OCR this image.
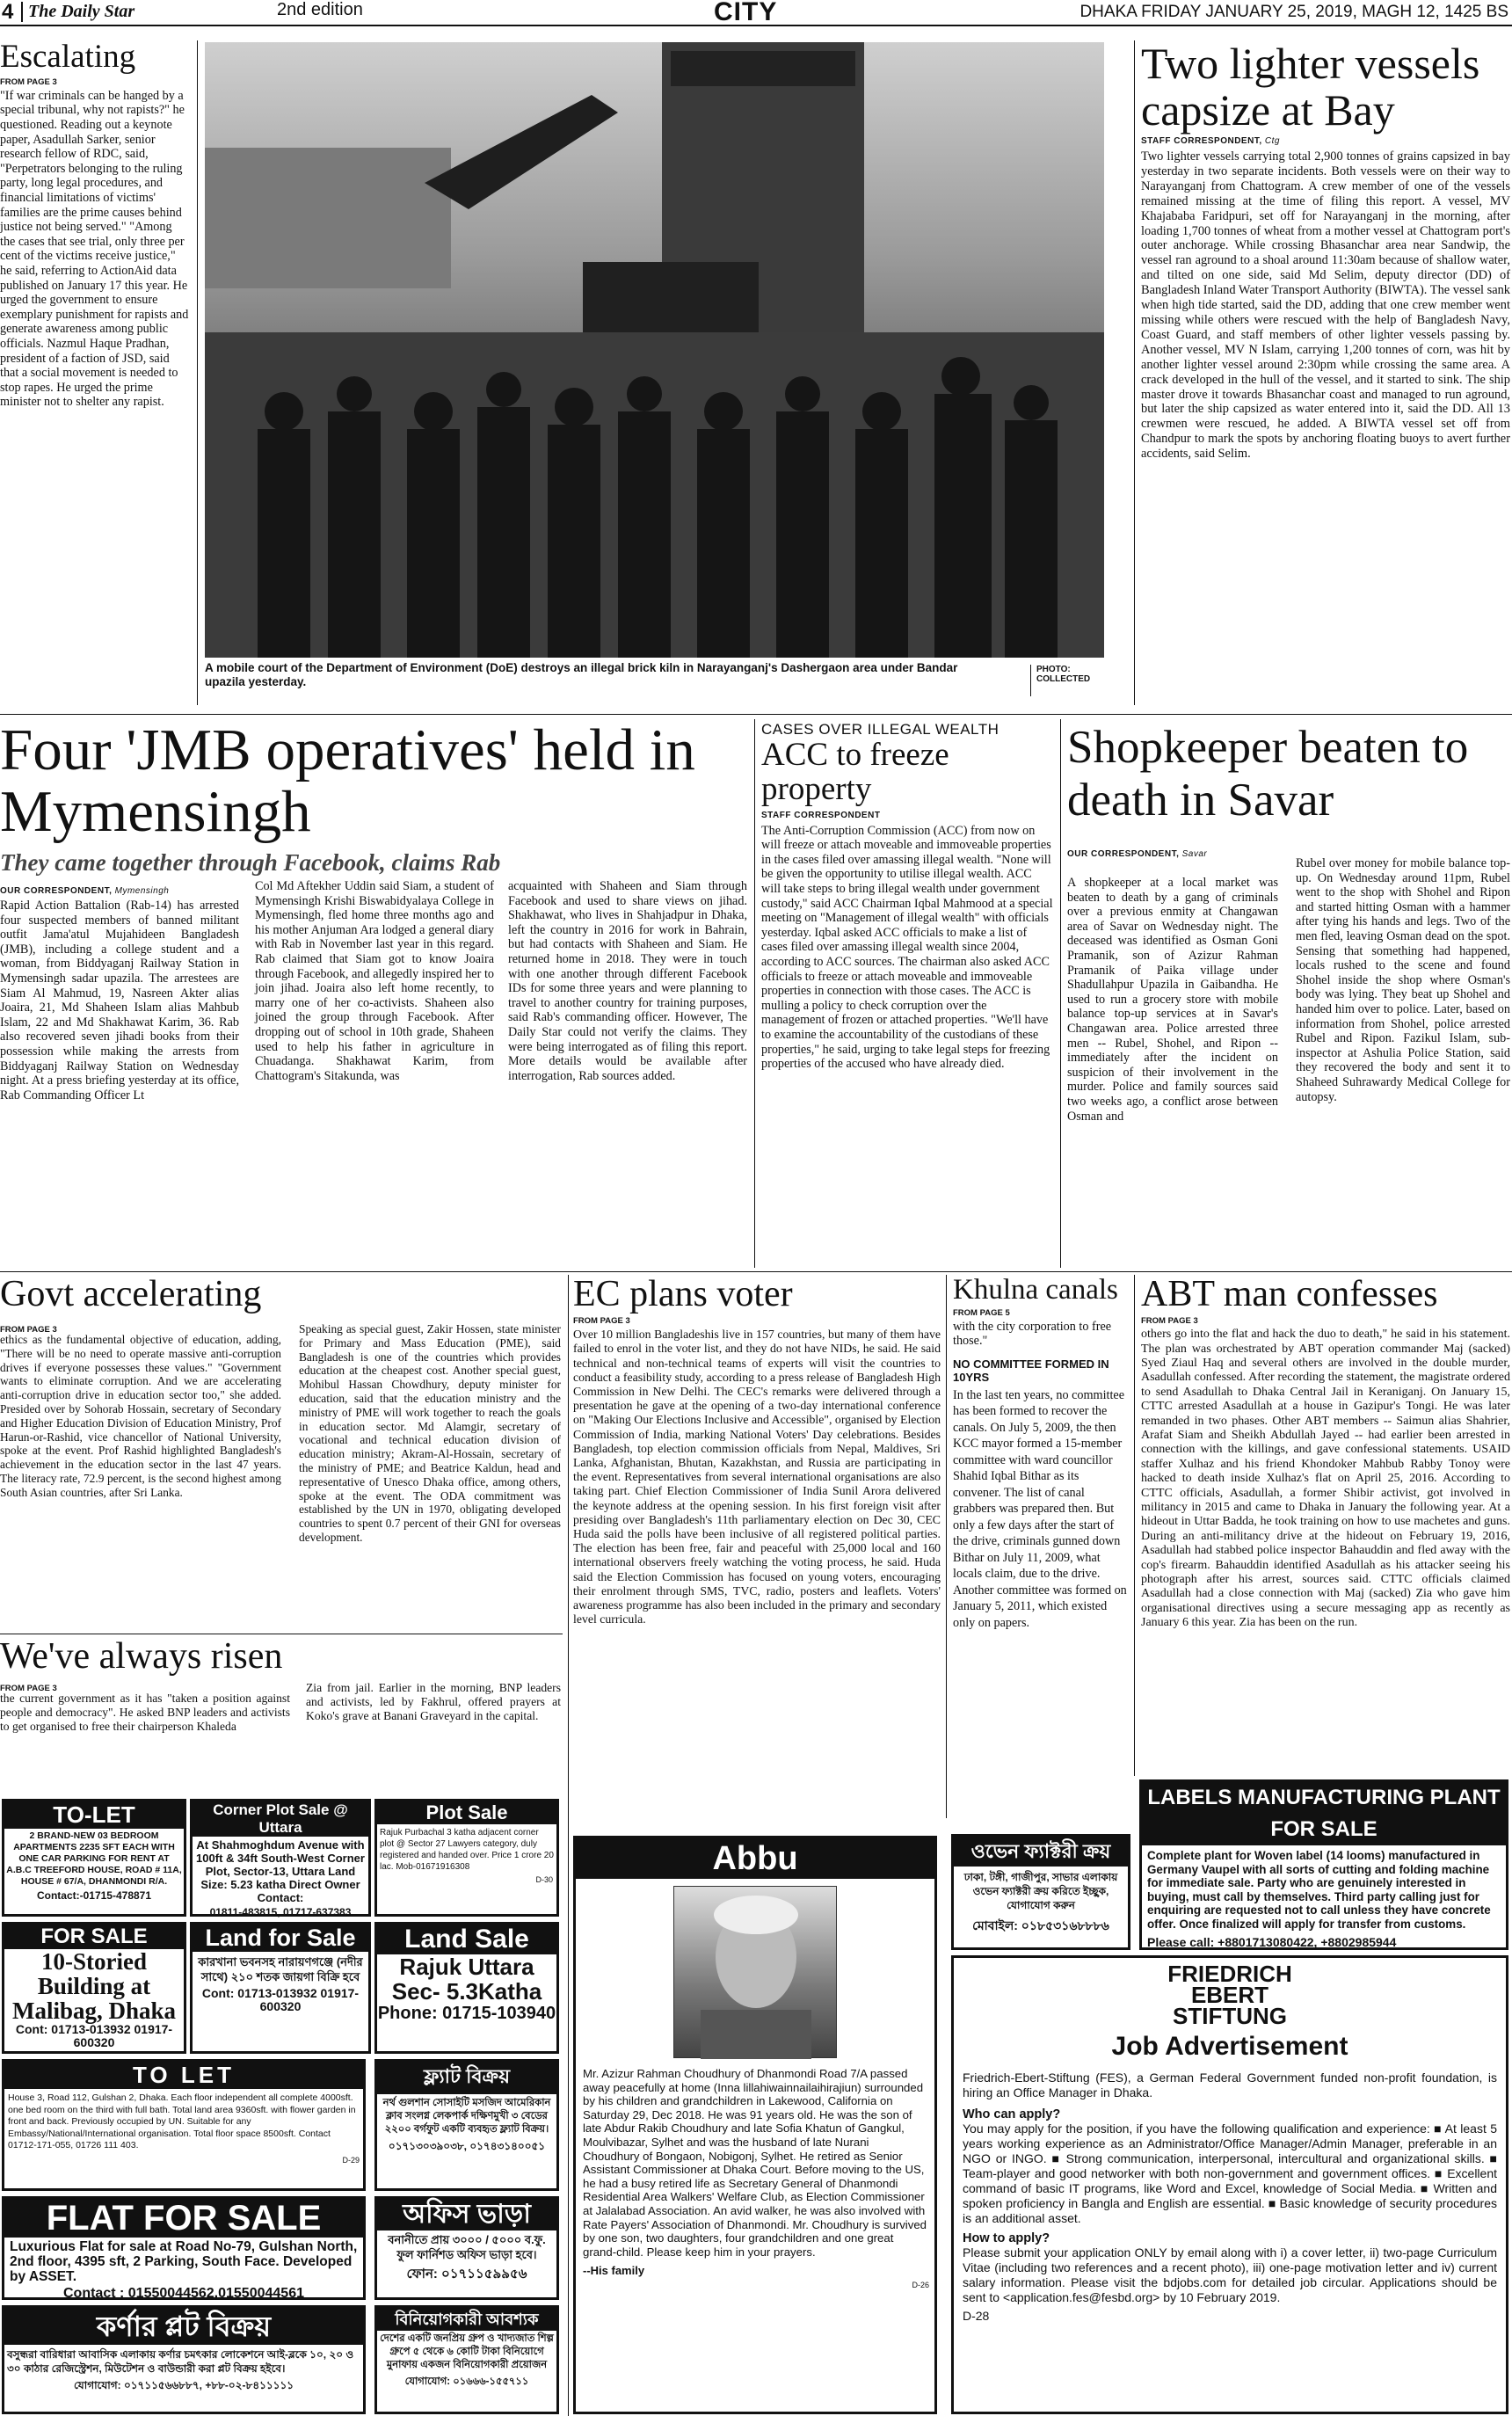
4 The Daily Star	2nd edition	CITY	DHAKA FRIDAY JANUARY 25, 2019, MAGH 12, 1425 BS
Escalating
FROM PAGE 3
"If war criminals can be hanged by a special tribunal, why not rapists?" he questioned. Reading out a keynote paper, Asadullah Sarker, senior research fellow of RDC, said, "Perpetrators belonging to the ruling party, long legal procedures, and financial limitations of victims' families are the prime causes behind justice not being served." "Among the cases that see trial, only three per cent of the victims receive justice," he said, referring to ActionAid data published on January 17 this year. He urged the government to ensure exemplary punishment for rapists and generate awareness among public officials. Nazmul Haque Pradhan, president of a faction of JSD, said that a social movement is needed to stop rapes. He urged the prime minister not to shelter any rapist.
A mobile court of the Department of Environment (DoE) destroys an illegal brick kiln in Narayanganj's Dashergaon area under Bandar upazila yesterday.
PHOTO: COLLECTED
Two lighter vessels capsize at Bay
STAFF CORRESPONDENT, Ctg
Two lighter vessels carrying total 2,900 tonnes of grains capsized in bay yesterday in two separate incidents. Both vessels were on their way to Narayanganj from Chattogram. A crew member of one of the vessels remained missing at the time of filing this report. A vessel, MV Khajababa Faridpuri, set off for Narayanganj in the morning, after loading 1,700 tonnes of wheat from a mother vessel at Chattogram port's outer anchorage. While crossing Bhasanchar area near Sandwip, the vessel ran aground to a shoal around 11:30am because of shallow water, and tilted on one side, said Md Selim, deputy director (DD) of Bangladesh Inland Water Transport Authority (BIWTA). The vessel sank when high tide started, said the DD, adding that one crew member went missing while others were rescued with the help of Bangladesh Navy, Coast Guard, and staff members of other lighter vessels passing by. Another vessel, MV N Islam, carrying 1,200 tonnes of corn, was hit by another lighter vessel around 2:30pm while crossing the same area. A crack developed in the hull of the vessel, and it started to sink. The ship master drove it towards Bhasanchar coast and managed to run aground, but later the ship capsized as water entered into it, said the DD. All 13 crewmen were rescued, he added. A BIWTA vessel set off from Chandpur to mark the spots by anchoring floating buoys to avert further accidents, said Selim.
Four 'JMB operatives' held in Mymensingh
They came together through Facebook, claims Rab
OUR CORRESPONDENT, Mymensingh
Rapid Action Battalion (Rab-14) has arrested four suspected members of banned militant outfit Jama'atul Mujahideen Bangladesh (JMB), including a college student and a woman, from Biddyaganj Railway Station in Mymensingh sadar upazila. The arrestees are Siam Al Mahmud, 19, Nasreen Akter alias Joaira, 21, Md Shaheen Islam alias Mahbub Islam, 22 and Md Shakhawat Karim, 36. Rab also recovered seven jihadi books from their possession while making the arrests from Biddyaganj Railway Station on Wednesday night. At a press briefing yesterday at its office, Rab Commanding Officer Lt
Col Md Aftekher Uddin said Siam, a student of Mymensingh Krishi Biswabidyalaya College in Mymensingh, fled home three months ago and his mother Anjuman Ara lodged a general diary with Rab in November last year in this regard. Rab claimed that Siam got to know Joaira through Facebook, and allegedly inspired her to join jihad. Joaira also left home recently, to marry one of her co-activists. Shaheen also joined the group through Facebook. After dropping out of school in 10th grade, Shaheen used to help his father in agriculture in Chuadanga. Shakhawat Karim, from Chattogram's Sitakunda, was
acquainted with Shaheen and Siam through Facebook and used to share views on jihad. Shakhawat, who lives in Shahjadpur in Dhaka, left the country in 2016 for work in Bahrain, but had contacts with Shaheen and Siam. He returned home in 2018. They were in touch with one another through different Facebook IDs for some three years and were planning to travel to another country for training purposes, said Rab's commanding officer. However, The Daily Star could not verify the claims. They were being interrogated as of filing this report. More details would be available after interrogation, Rab sources added.
CASES OVER ILLEGAL WEALTH
ACC to freeze property
STAFF CORRESPONDENT
The Anti-Corruption Commission (ACC) from now on will freeze or attach moveable and immoveable properties in the cases filed over amassing illegal wealth. "None will be given the opportunity to utilise illegal wealth. ACC will take steps to bring illegal wealth under government custody," said ACC Chairman Iqbal Mahmood at a special meeting on "Management of illegal wealth" with officials yesterday. Iqbal asked ACC officials to make a list of cases filed over amassing illegal wealth since 2004, according to ACC sources. The chairman also asked ACC officials to freeze or attach moveable and immoveable properties in connection with those cases. The ACC is mulling a policy to check corruption over the management of frozen or attached properties. "We'll have to examine the accountability of the custodians of these properties," he said, urging to take legal steps for freezing properties of the accused who have already died.
Shopkeeper beaten to death in Savar
OUR CORRESPONDENT, Savar
A shopkeeper at a local market was beaten to death by a gang of criminals over a previous enmity at Changawan area of Savar on Wednesday night. The deceased was identified as Osman Goni Pramanik, son of Azizur Rahman Pramanik of Paika village under Shadullahpur Upazila in Gaibandha. He used to run a grocery store with mobile balance top-up services at in Savar's Changawan area. Police arrested three men -- Rubel, Shohel, and Ripon -- immediately after the incident on suspicion of their involvement in the murder. Police and family sources said two weeks ago, a conflict arose between Osman and
Rubel over money for mobile balance top-up. On Wednesday around 11pm, Rubel went to the shop with Shohel and Ripon and started hitting Osman with a hammer after tying his hands and legs. Two of the men fled, leaving Osman dead on the spot. Sensing that something had happened, locals rushed to the scene and found Shohel inside the shop where Osman's body was lying. They beat up Shohel and handed him over to police. Later, based on information from Shohel, police arrested Rubel and Ripon. Fazikul Islam, sub-inspector at Ashulia Police Station, said they recovered the body and sent it to Shaheed Suhrawardy Medical College for autopsy.
Govt accelerating
FROM PAGE 3
ethics as the fundamental objective of education, adding, "There will be no need to operate massive anti-corruption drives if everyone possesses these values." "Government wants to eliminate corruption. And we are accelerating anti-corruption drive in education sector too," she added. Presided over by Sohorab Hossain, secretary of Secondary and Higher Education Division of Education Ministry, Prof Harun-or-Rashid, vice chancellor of National University, spoke at the event. Prof Rashid highlighted Bangladesh's achievement in the education sector in the last 47 years. The literacy rate, 72.9 percent, is the second highest among South Asian countries, after Sri Lanka.
Speaking as special guest, Zakir Hossen, state minister for Primary and Mass Education (PME), said Bangladesh is one of the countries which provides education at the cheapest cost. Another special guest, Mohibul Hassan Chowdhury, deputy minister for education, said that the education ministry and the ministry of PME will work together to reach the goals in education sector. Md Alamgir, secretary of vocational and technical education division of education ministry; Akram-Al-Hossain, secretary of the ministry of PME; and Beatrice Kaldun, head and representative of Unesco Dhaka office, among others, spoke at the event. The ODA commitment was established by the UN in 1970, obligating developed countries to spent 0.7 percent of their GNI for overseas development.
We've always risen
FROM PAGE 3
the current government as it has "taken a position against people and democracy". He asked BNP leaders and activists to get organised to free their chairperson Khaleda
Zia from jail. Earlier in the morning, BNP leaders and activists, led by Fakhrul, offered prayers at Koko's grave at Banani Graveyard in the capital.
EC plans voter
FROM PAGE 3
Over 10 million Bangladeshis live in 157 countries, but many of them have failed to enrol in the voter list, and they do not have NIDs, he said. He said technical and non-technical teams of experts will visit the countries to conduct a feasibility study, according to a press release of Bangladesh High Commission in New Delhi. The CEC's remarks were delivered through a presentation he gave at the opening of a two-day international conference on "Making Our Elections Inclusive and Accessible", organised by Election Commission of India, marking National Voters' Day celebrations. Besides Bangladesh, top election commission officials from Nepal, Maldives, Sri Lanka, Afghanistan, Bhutan, Kazakhstan, and Russia are participating in the event. Representatives from several international organisations are also taking part. Chief Election Commissioner of India Sunil Arora delivered the keynote address at the opening session. In his first foreign visit after presiding over Bangladesh's 11th parliamentary election on Dec 30, CEC Huda said the polls have been inclusive of all registered political parties. The election has been free, fair and peaceful with 25,000 local and 160 international observers freely watching the voting process, he said. Huda said the Election Commission has focused on young voters, encouraging their enrolment through SMS, TVC, radio, posters and leaflets. Voters' awareness programme has also been included in the primary and secondary level curricula.
Khulna canals
FROM PAGE 5
with the city corporation to free those."
NO COMMITTEE FORMED IN 10YRS
In the last ten years, no committee has been formed to recover the canals. On July 5, 2009, the then KCC mayor formed a 15-member committee with ward councillor Shahid Iqbal Bithar as its convener. The list of canal grabbers was prepared then. But only a few days after the start of the drive, criminals gunned down Bithar on July 11, 2009, what locals claim, due to the drive. Another committee was formed on January 5, 2011, which existed only on papers.
ABT man confesses
FROM PAGE 3
others go into the flat and hack the duo to death," he said in his statement. The plan was orchestrated by ABT operation commander Maj (sacked) Syed Ziaul Haq and several others are involved in the double murder, Asadullah confessed. After recording the statement, the magistrate ordered to send Asadullah to Dhaka Central Jail in Keraniganj. On January 15, CTTC arrested Asadullah at a house in Gazipur's Tongi. He was later remanded in two phases. Other ABT members -- Saimun alias Shahrier, Arafat Siam and Sheikh Abdullah Jayed -- had earlier been arrested in connection with the killings, and gave confessional statements. USAID staffer Xulhaz and his friend Khondoker Mahbub Rabby Tonoy were hacked to death inside Xulhaz's flat on April 25, 2016. According to CTTC officials, Asadullah, a former Shibir activist, got involved in militancy in 2015 and came to Dhaka in January the following year. At a hideout in Uttar Badda, he took training on how to use machetes and guns. During an anti-militancy drive at the hideout on February 19, 2016, Asadullah had stabbed police inspector Bahauddin and fled away with the cop's firearm. Bahauddin identified Asadullah as his attacker seeing his photograph after his arrest, sources said. CTTC officials claimed Asadullah had a close connection with Maj (sacked) Zia who gave him organisational directives using a secure messaging app as recently as January 6 this year. Zia has been on the run.
TO-LET
2 BRAND-NEW 03 BEDROOM APARTMENTS 2235 SFT EACH WITH ONE CAR PARKING FOR RENT AT A.B.C TREEFORD HOUSE, ROAD # 11A, HOUSE # 67/A, DHANMONDI R/A.
Contact:-01715-478871
Corner Plot Sale @ Uttara
At Shahmoghdum Avenue with 100ft & 34ft South-West Corner Plot, Sector-13, Uttara Land Size: 5.23 katha Direct Owner Contact:
01811-483815, 01717-637383
Plot Sale
Rajuk Purbachal 3 katha adjacent corner plot @ Sector 27 Lawyers category, duly registered and handed over. Price 1 crore 20 lac. Mob-01671916308
D-30
FOR SALE
10-Storied Building at Malibag, Dhaka
Cont: 01713-013932 01917-600320
Land for Sale
কারখানা ভবনসহ নারায়ণগঞ্জে (নদীর সাথে) ২১০ শতক জায়গা বিক্রি হবে
Cont: 01713-013932 01917-600320
Land Sale
Rajuk Uttara Sec- 5.3Katha
Phone: 01715-103940
TO LET
House 3, Road 112, Gulshan 2, Dhaka. Each floor independent all complete 4000sft. one bed room on the third with full bath. Total land area 9360sft. with flower garden in front and back. Previously occupied by UN. Suitable for any Embassy/National/International organisation. Total floor space 8500sft. Contact 01712-171-055, 01726 111 403.
D-29
ফ্ল্যাট বিক্রয়
নর্থ গুলশান সোসাইটি মসজিদ আমেরিকান ক্লাব সংলগ্ন লেকপার্ক দক্ষিণমুখী ৩ বেডের ২২০০ বর্গফুট একটি ব্যবহৃত ফ্ল্যাট বিক্রয়।
০১৭১৩০৩৯০৩৮, ০১৭৪৩১৪০০৫১
FLAT FOR SALE
Luxurious Flat for sale at Road No-79, Gulshan North, 2nd floor, 4395 sft, 2 Parking, South Face. Developed by ASSET.
Contact : 01550044562,01550044561
অফিস ভাড়া
বনানীতে প্রায় ৩০০০ / ৫০০০ ব.ফু. ফুল ফার্নিশড অফিস ভাড়া হবে।
ফোন: ০১৭১১৫৯৯৫৬
কর্ণার প্লট বিক্রয়
বসুন্ধরা বারিধারা আবাসিক এলাকায় কর্ণার চমৎকার লোকেশনে আই-ব্লকে ১০, ২০ ও ৩০ কাঠার রেজিস্ট্রেশন, মিউটেশন ও বাউন্ডারী করা প্লট বিক্রয় হইবে।
যোগাযোগ: ০১৭১১৫৬৬৮৮৭, +৮৮-০২-৮৪১১১১১
বিনিয়োগকারী আবশ্যক
দেশের একটি জনপ্রিয় গ্রুপ ও খাদ্যজাত শিল্প গ্রুপে ৫ থেকে ৬ কোটি টাকা বিনিয়োগে মুনাফায় একজন বিনিয়োগকারী প্রয়োজন
যোগাযোগ: ০১৬৬৬-১৫৫৭১১
Abbu
Mr. Azizur Rahman Choudhury of Dhanmondi Road 7/A passed away peacefully at home (Inna lillahiwainnailaihirajiun) surrounded by his children and grandchildren in Lakewood, California on Saturday 29, Dec 2018. He was 91 years old. He was the son of late Abdur Rakib Choudhury and late Sofia Khatun of Gangkul, Moulvibazar, Sylhet and was the husband of late Nurani Choudhury of Bongaon, Nobigonj, Sylhet. He retired as Senior Assistant Commissioner at Dhaka Court. Before moving to the US, he had a busy retired life as Secretary General of Dhanmondi Residential Area Walkers' Welfare Club, as Election Commissioner at Jalalabad Association. An avid walker, he was also involved with Rate Payers' Association of Dhanmondi. Mr. Choudhury is survived by one son, two daughters, four grandchildren and one great grand-child. Please keep him in your prayers.
--His family
D-26
ওভেন ফ্যাক্টরী ক্রয়
ঢাকা, টঙ্গী, গাজীপুর, সাভার এলাকায় ওভেন ফ্যাক্টরী ক্রয় করিতে ইচ্ছুক, যোগাযোগ করুন
মোবাইল: ০১৮৫৩১৬৮৮৮৬
LABELS MANUFACTURING PLANT FOR SALE
Complete plant for Woven label (14 looms) manufactured in Germany Vaupel with all sorts of cutting and folding machine for immediate sale. Party who are genuinely interested in buying, must call by themselves. Third party calling just for enquiring are requested not to call unless they have concrete offer. Once finalized will apply for transfer from customs.
Please call: +8801713080422, +8802985944
FRIEDRICH EBERT STIFTUNG
Job Advertisement
Friedrich-Ebert-Stiftung (FES), a German Federal Government funded non-profit foundation, is hiring an Office Manager in Dhaka.
Who can apply?
You may apply for the position, if you have the following qualification and experience: ■ At least 5 years working experience as an Administrator/Office Manager/Admin Manager, preferable in an NGO or INGO. ■ Strong communication, interpersonal, intercultural and organizational skills. ■ Team-player and good networker with both non-government and government offices. ■ Excellent command of basic IT programs, like Word and Excel, knowledge of Social Media. ■ Written and spoken proficiency in Bangla and English are essential. ■ Basic knowledge of security procedures is an additional asset.
How to apply?
Please submit your application ONLY by email along with i) a cover letter, ii) two-page Curriculum Vitae (including two references and a recent photo), iii) one-page motivation letter and iv) current salary information. Please visit the bdjobs.com for detailed job circular. Applications should be sent to <application.fes@fesbd.org> by 10 February 2019.
D-28
